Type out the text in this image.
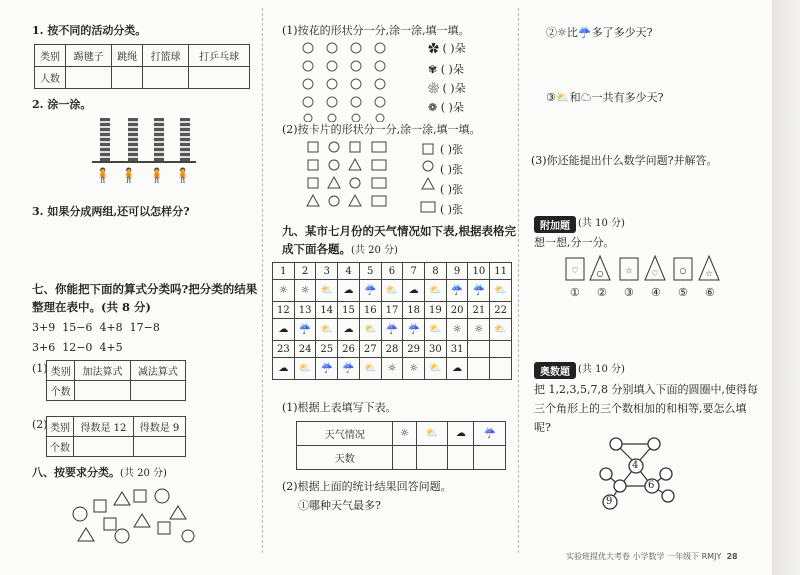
1. 按不同的活动分类。
类别	踢毽子	跳绳	打篮球	打乒乓球
人数				
2. 涂一涂。
🧍 🧍 🧍 🧍
3. 如果分成两组,还可以怎样分?
七、你能把下面的算式分类吗?把分类的结果
整理在表中。(共 8 分)
3+9 15−6 4+8 17−8
3+6 12−0 4+5
(1) 类别	加法算式	减法算式
个数		
(2) 类别	得数是 12	得数是 9
个数		
八、按要求分类。(共 20 分)
(1)按花的形状分一分,涂一涂,填一填。
✿ ( )朵
✾ ( )朵
❀ ( )朵
❁ ( )朵
(2)按卡片的形状分一分,涂一涂,填一填。
( )张
( )张
( )张
( )张
九、某市七月份的天气情况如下表,根据表格完
成下面各题。(共 20 分)
1	2	3	4	5	6	7	8	9	10	11
☼	☼	⛅	☁	☔	⛅	☁	⛅	☔	☔	⛅
12	13	14	15	16	17	18	19	20	21	22
☁	☔	⛅	☁	⛅	☔	☔	⛅	☼	☼	⛅
23	24	25	26	27	28	29	30	31		
☁	⛅	☔	☔	⛅	☼	☼	⛅	☁		
(1)根据上表填写下表。
天气情况	☼	⛅	☁	☔
天数				
(2)根据上面的统计结果回答问题。
①哪种天气最多?
②☼比☔多了多少天?
③⛅和☁一共有多少天?
(3)你还能提出什么数学问题?并解答。
附加题 (共 10 分)
想一想,分一分。
♡ ○	☆ ♡	○ ☆
① ② ③ ④ ⑤ ⑥
奥数题 (共 10 分)
把 1,2,3,5,7,8 分别填入下面的圆圈中,使得每
三个角形上的三个数相加的和相等,要怎么填
呢?
4
6
9
实验班提优大考卷 小学数学 一年级下 RMJY 28
